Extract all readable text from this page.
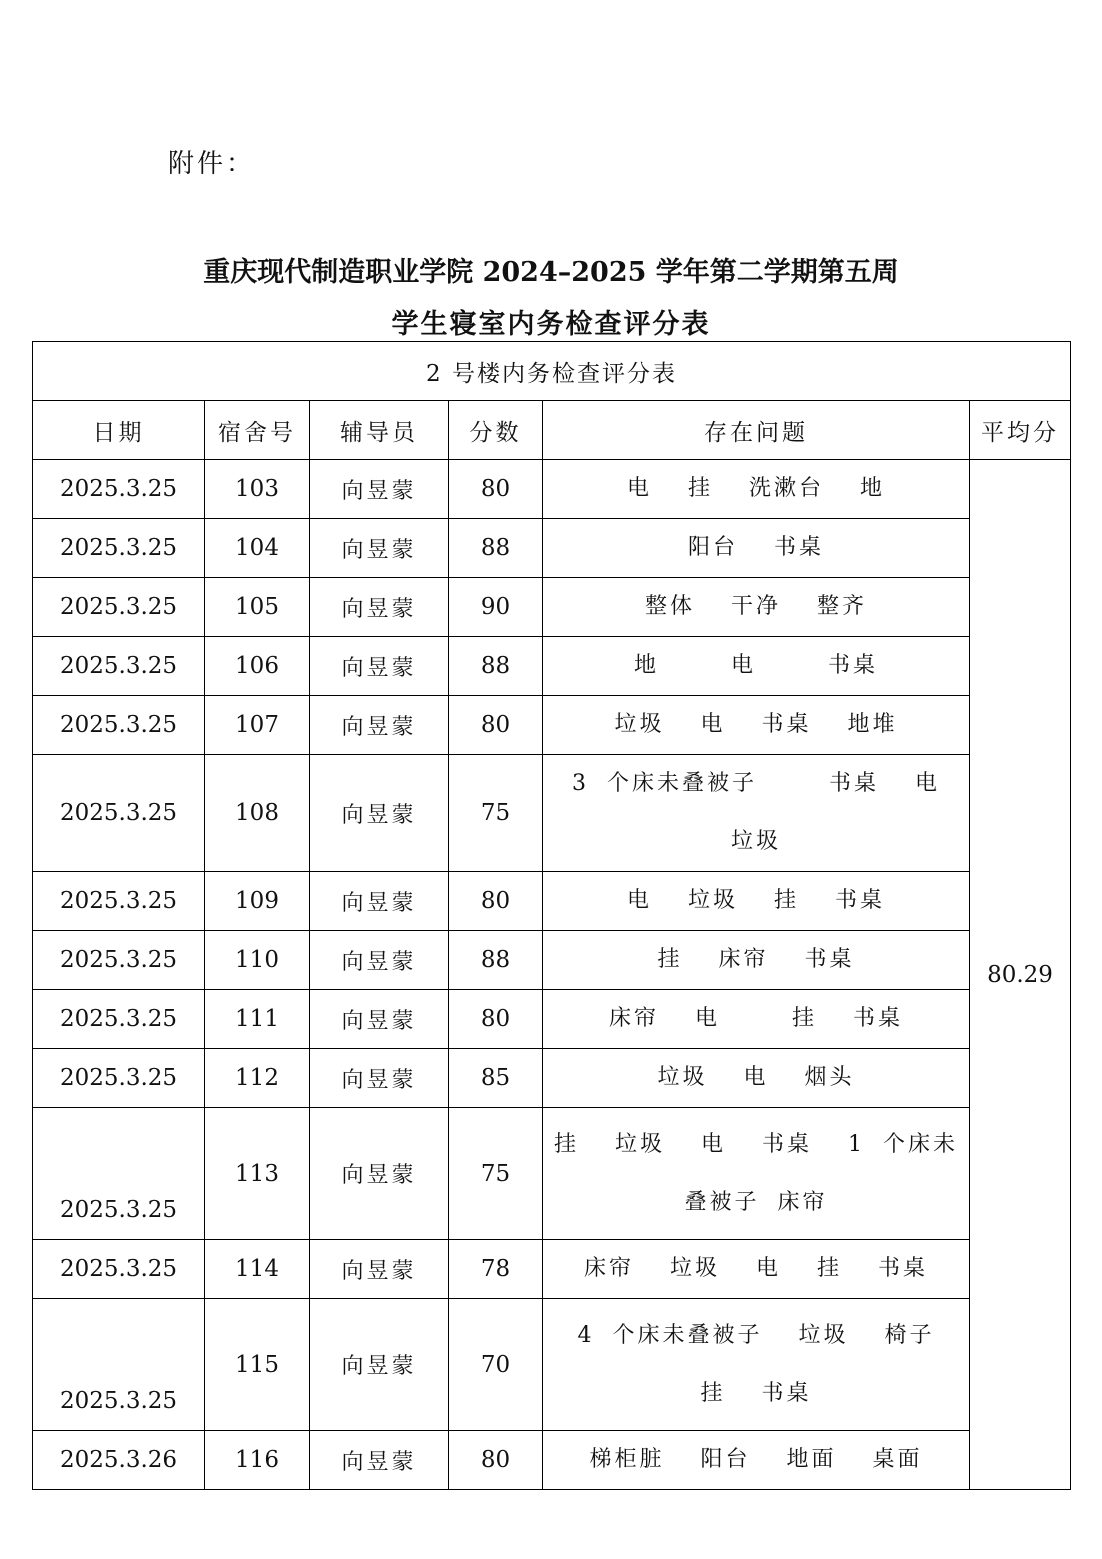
附件：
重庆现代制造职业学院 2024–2025 学年第二学期第五周
学生寝室内务检查评分表
2 号楼内务检查评分表					
日期	宿舍号	辅导员	分数	存在问题	平均分
2025.3.25	103	向昱蒙	80	电  挂  洗漱台  地	80.29
2025.3.25	104	向昱蒙	88	阳台  书桌	
2025.3.25	105	向昱蒙	90	整体  干净  整齐	
2025.3.25	106	向昱蒙	88	地    电    书桌	
2025.3.25	107	向昱蒙	80	垃圾  电  书桌  地堆	
2025.3.25	108	向昱蒙	75	3 个床未叠被子    书桌  电  垃圾	
2025.3.25	109	向昱蒙	80	电  垃圾  挂  书桌	
2025.3.25	110	向昱蒙	88	挂  床帘  书桌	
2025.3.25	111	向昱蒙	80	床帘  电    挂  书桌	
2025.3.25	112	向昱蒙	85	垃圾  电  烟头	
2025.3.25	113	向昱蒙	75	挂  垃圾  电  书桌  1 个床未叠被子 床帘	
2025.3.25	114	向昱蒙	78	床帘  垃圾  电  挂  书桌	
2025.3.25	115	向昱蒙	70	4 个床未叠被子  垃圾  椅子    挂  书桌	
2025.3.26	116	向昱蒙	80	梯柜脏  阳台  地面  桌面	
